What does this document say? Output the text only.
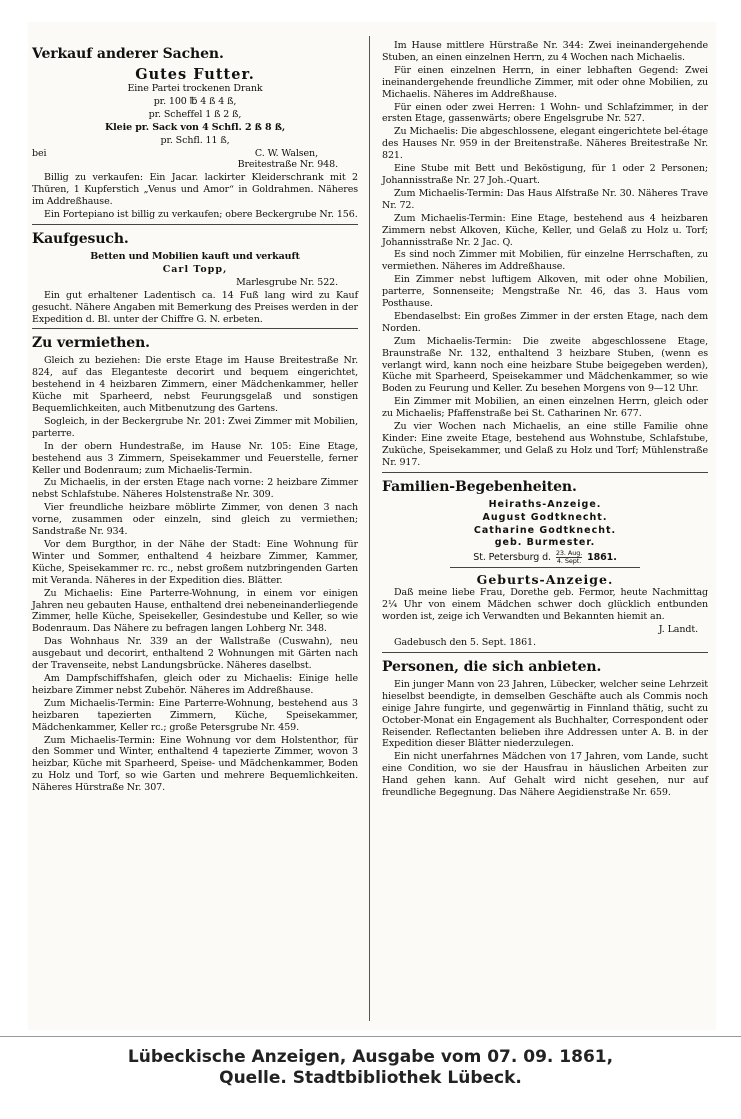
Verkauf anderer Sachen.
Gutes Futter.

Eine Partei trockenen Drank

pr. 100 ℔ 4 ß 4 ß,

pr. Scheffel 1 ß 2 ß,

Kleie pr. Sack von 4 Schfl. 2 ß 8 ß,

pr. Schfl. 11 ß,

bei	C. W. Walsen,

Breitestraße Nr. 948.

Billig zu verkaufen: Ein Jacar. lackirter Kleiderschrank mit 2 Thüren, 1 Kupferstich „Venus und Amor“ in Goldrahmen. Näheres im Addreßhause.

Ein Fortepiano ist billig zu verkaufen; obere Beckergrube Nr. 156.

Kaufgesuch.

Betten und Mobilien kauft und verkauft

Carl Topp,

Marlesgrube Nr. 522.

Ein gut erhaltener Ladentisch ca. 14 Fuß lang wird zu Kauf gesucht. Nähere Angaben mit Bemerkung des Preises werden in der Expedition d. Bl. unter der Chiffre G. N. erbeten.

Zu vermiethen.

Gleich zu beziehen: Die erste Etage im Hause Breitestraße Nr. 824, auf das Eleganteste decorirt und bequem eingerichtet, bestehend in 4 heizbaren Zimmern, einer Mädchenkammer, heller Küche mit Sparheerd, nebst Feurungsgelaß und sonstigen Bequemlichkeiten, auch Mitbenutzung des Gartens.

Sogleich, in der Beckergrube Nr. 201: Zwei Zimmer mit Mobilien, parterre.

In der obern Hundestraße, im Hause Nr. 105: Eine Etage, bestehend aus 3 Zimmern, Speisekammer und Feuerstelle, ferner Keller und Bodenraum; zum Michaelis-Termin.

Zu Michaelis, in der ersten Etage nach vorne: 2 heizbare Zimmer nebst Schlafstube. Näheres Holstenstraße Nr. 309.

Vier freundliche heizbare möblirte Zimmer, von denen 3 nach vorne, zusammen oder einzeln, sind gleich zu vermiethen; Sandstraße Nr. 934.

Vor dem Burgthor, in der Nähe der Stadt: Eine Wohnung für Winter und Sommer, enthaltend 4 heizbare Zimmer, Kammer, Küche, Speisekammer rc. rc., nebst großem nutzbringenden Garten mit Veranda. Näheres in der Expedition dies. Blätter.

Zu Michaelis: Eine Parterre-Wohnung, in einem vor einigen Jahren neu gebauten Hause, enthaltend drei nebeneinanderliegende Zimmer, helle Küche, Speisekeller, Gesindestube und Keller, so wie Bodenraum. Das Nähere zu befragen langen Lohberg Nr. 348.

Das Wohnhaus Nr. 339 an der Wallstraße (Cuswahn), neu ausgebaut und decorirt, enthaltend 2 Wohnungen mit Gärten nach der Travenseite, nebst Landungsbrücke. Näheres daselbst.

Am Dampfschiffshafen, gleich oder zu Michaelis: Einige helle heizbare Zimmer nebst Zubehör. Näheres im Addreßhause.

Zum Michaelis-Termin: Eine Parterre-Wohnung, bestehend aus 3 heizbaren tapezierten Zimmern, Küche, Speisekammer, Mädchenkammer, Keller rc.; große Petersgrube Nr. 459.

Zum Michaelis-Termin: Eine Wohnung vor dem Holstenthor, für den Sommer und Winter, enthaltend 4 tapezierte Zimmer, wovon 3 heizbar, Küche mit Sparheerd, Speise- und Mädchenkammer, Boden zu Holz und Torf, so wie Garten und mehrere Bequemlichkeiten. Näheres Hürstraße Nr. 307.

Im Hause mittlere Hürstraße Nr. 344: Zwei ineinandergehende Stuben, an einen einzelnen Herrn, zu 4 Wochen nach Michaelis.

Für einen einzelnen Herrn, in einer lebhaften Gegend: Zwei ineinandergehende freundliche Zimmer, mit oder ohne Mobilien, zu Michaelis. Näheres im Addreßhause.

Für einen oder zwei Herren: 1 Wohn- und Schlafzimmer, in der ersten Etage, gassenwärts; obere Engelsgrube Nr. 527.

Zu Michaelis: Die abgeschlossene, elegant eingerichtete bel-étage des Hauses Nr. 959 in der Breitenstraße. Näheres Breitestraße Nr. 821.

Eine Stube mit Bett und Beköstigung, für 1 oder 2 Personen; Johannisstraße Nr. 27 Joh.-Quart.

Zum Michaelis-Termin: Das Haus Alfstraße Nr. 30. Näheres Trave Nr. 72.

Zum Michaelis-Termin: Eine Etage, bestehend aus 4 heizbaren Zimmern nebst Alkoven, Küche, Keller, und Gelaß zu Holz u. Torf; Johannisstraße Nr. 2 Jac. Q.

Es sind noch Zimmer mit Mobilien, für einzelne Herrschaften, zu vermiethen. Näheres im Addreßhause.

Ein Zimmer nebst luftigem Alkoven, mit oder ohne Mobilien, parterre, Sonnenseite; Mengstraße Nr. 46, das 3. Haus vom Posthause.

Ebendaselbst: Ein großes Zimmer in der ersten Etage, nach dem Norden.

Zum Michaelis-Termin: Die zweite abgeschlossene Etage, Braunstraße Nr. 132, enthaltend 3 heizbare Stuben, (wenn es verlangt wird, kann noch eine heizbare Stube beigegeben werden), Küche mit Sparheerd, Speisekammer und Mädchenkammer, so wie Boden zu Feurung und Keller. Zu besehen Morgens von 9—12 Uhr.

Ein Zimmer mit Mobilien, an einen einzelnen Herrn, gleich oder zu Michaelis; Pfaffenstraße bei St. Catharinen Nr. 677.

Zu vier Wochen nach Michaelis, an eine stille Familie ohne Kinder: Eine zweite Etage, bestehend aus Wohnstube, Schlafstube, Zuküche, Speisekammer, und Gelaß zu Holz und Torf; Mühlenstraße Nr. 917.

Familien-Begebenheiten.

Heiraths-Anzeige.

August Godtknecht.

Catharine Godtknecht.

geb. Burmester.

St. Petersburg d. 23. Aug.
4. Sept. 1861.

Geburts-Anzeige.

Daß meine liebe Frau, Dorethe geb. Fermor, heute Nachmittag 2¼ Uhr von einem Mädchen schwer doch glücklich entbunden worden ist, zeige ich Verwandten und Bekannten hiemit an.

J. Landt.

Gadebusch den 5. Sept. 1861.

Personen, die sich anbieten.

Ein junger Mann von 23 Jahren, Lübecker, welcher seine Lehrzeit hieselbst beendigte, in demselben Geschäfte auch als Commis noch einige Jahre fungirte, und gegenwärtig in Finnland thätig, sucht zu October-Monat ein Engagement als Buchhalter, Correspondent oder Reisender. Reflectanten belieben ihre Addressen unter A. B. in der Expedition dieser Blätter niederzulegen.

Ein nicht unerfahrnes Mädchen von 17 Jahren, vom Lande, sucht eine Condition, wo sie der Hausfrau in häuslichen Arbeiten zur Hand gehen kann. Auf Gehalt wird nicht gesehen, nur auf freundliche Begegnung. Das Nähere Aegidienstraße Nr. 659.

Lübeckische Anzeigen, Ausgabe vom 07. 09. 1861,
Quelle. Stadtbibliothek Lübeck.
